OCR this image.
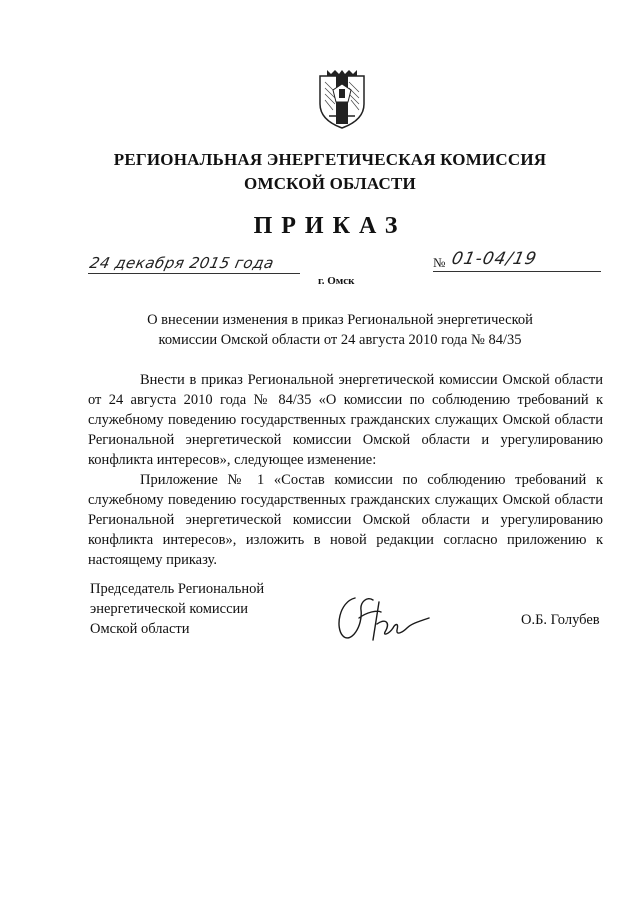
РЕГИОНАЛЬНАЯ ЭНЕРГЕТИЧЕСКАЯ КОМИССИЯ
ОМСКОЙ ОБЛАСТИ
ПРИКАЗ
24 декабря 2015 года
г. Омск
№ 01-04/19
О внесении изменения в приказ Региональной энергетической
комиссии Омской области от 24 августа 2010 года № 84/35

Внести в приказ Региональной энергетической комиссии Омской области от 24 августа 2010 года № 84/35 «О комиссии по соблюдению требований к служебному поведению государственных гражданских служащих Омской области Региональной энергетической комиссии Омской области и урегулированию конфликта интересов», следующее изменение:

Приложение № 1 «Состав комиссии по соблюдению требований к служебному поведению государственных гражданских служащих Омской области Региональной энергетической комиссии Омской области и урегулированию конфликта интересов», изложить в новой редакции согласно приложению к настоящему приказу.

Председатель Региональной
энергетической комиссии
Омской области
О.Б. Голубев
